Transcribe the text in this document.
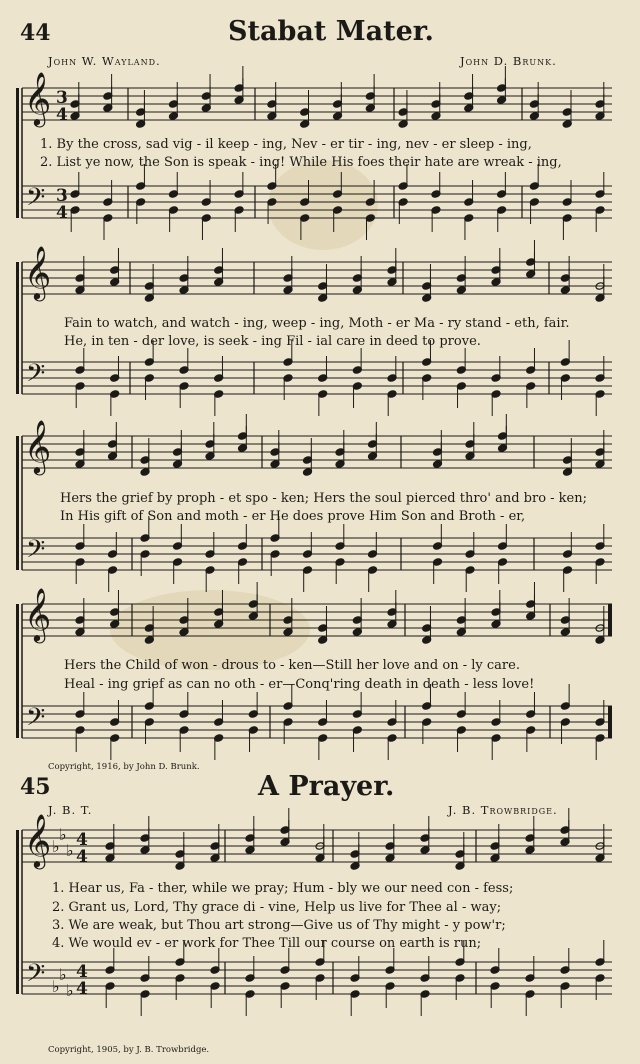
44	Stabat Mater.
John W. Wayland.	John D. Brunk.
1. By the cross, sad vig - il keep - ing, Nev - er tir - ing, nev - er sleep - ing,
2. List ye now, the Son is speak - ing! While His foes their hate are wreak - ing,
Fain to watch, and watch - ing, weep - ing, Moth - er Ma - ry stand - eth, fair.
He, in ten - der love, is seek - ing Fil - ial care in deed to prove.
Hers the grief by proph - et spo - ken; Hers the soul pierced thro' and bro - ken;
In His gift of Son and moth - er He does prove Him Son and Broth - er,
Hers the Child of won - drous to - ken—Still her love and on - ly care.
Heal - ing grief as can no oth - er—Conq'ring death in death - less love!
Copyright, 1916, by John D. Brunk.
45	A Prayer.
J. B. T.	J. B. Trowbridge.
1. Hear us, Fa - ther, while we pray; Hum - bly we our need con - fess;
2. Grant us, Lord, Thy grace di - vine, Help us live for Thee al - way;
3. We are weak, but Thou art strong—Give us of Thy might - y pow'r;
4. We would ev - er work for Thee Till our course on earth is run;
Copyright, 1905, by J. B. Trowbridge.
𝄞
𝄢
3
4
3
4
𝄞
𝄢
𝄞
𝄢
𝄞
𝄢
𝄞
𝄢
♭
♭
♭
♭
♭
♭
4
4
4
4
